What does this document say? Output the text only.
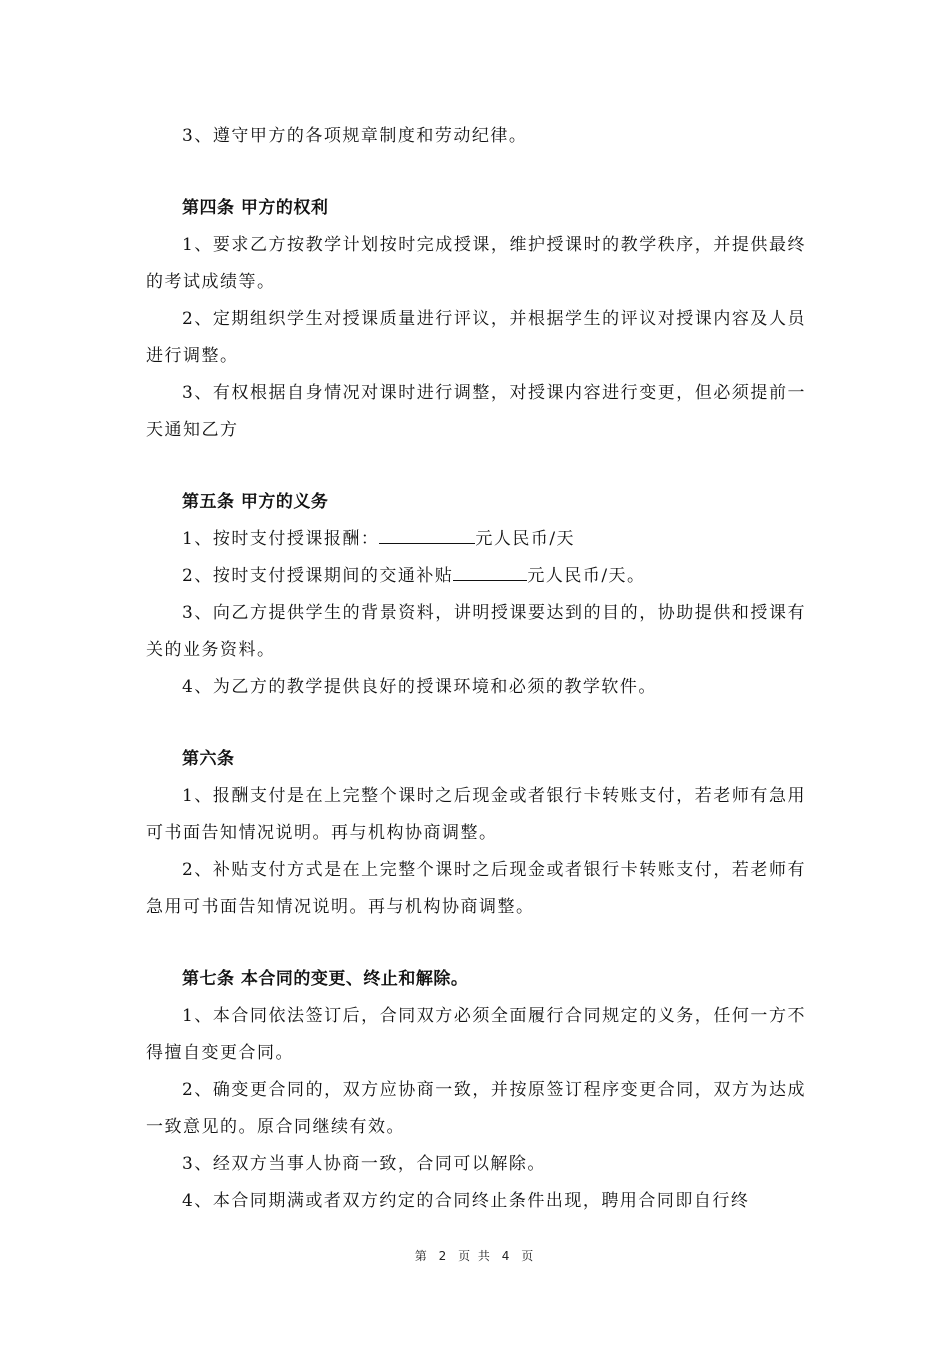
3、遵守甲方的各项规章制度和劳动纪律。

第四条 甲方的权利

1、要求乙方按教学计划按时完成授课，维护授课时的教学秩序，并提供最终的考试成绩等。

2、定期组织学生对授课质量进行评议，并根据学生的评议对授课内容及人员进行调整。

3、有权根据自身情况对课时进行调整，对授课内容进行变更，但必须提前一天通知乙方

第五条 甲方的义务

1、按时支付授课报酬：	元人民币/天

2、按时支付授课期间的交通补贴	元人民币/天。

3、向乙方提供学生的背景资料，讲明授课要达到的目的，协助提供和授课有关的业务资料。

4、为乙方的教学提供良好的授课环境和必须的教学软件。

第六条

1、报酬支付是在上完整个课时之后现金或者银行卡转账支付，若老师有急用可书面告知情况说明。再与机构协商调整。

2、补贴支付方式是在上完整个课时之后现金或者银行卡转账支付，若老师有急用可书面告知情况说明。再与机构协商调整。

第七条 本合同的变更、终止和解除。

1、本合同依法签订后，合同双方必须全面履行合同规定的义务，任何一方不得擅自变更合同。

2、确变更合同的，双方应协商一致，并按原签订程序变更合同，双方为达成一致意见的。原合同继续有效。

3、经双方当事人协商一致，合同可以解除。

4、本合同期满或者双方约定的合同终止条件出现，聘用合同即自行终

第 2 页 共 4 页
